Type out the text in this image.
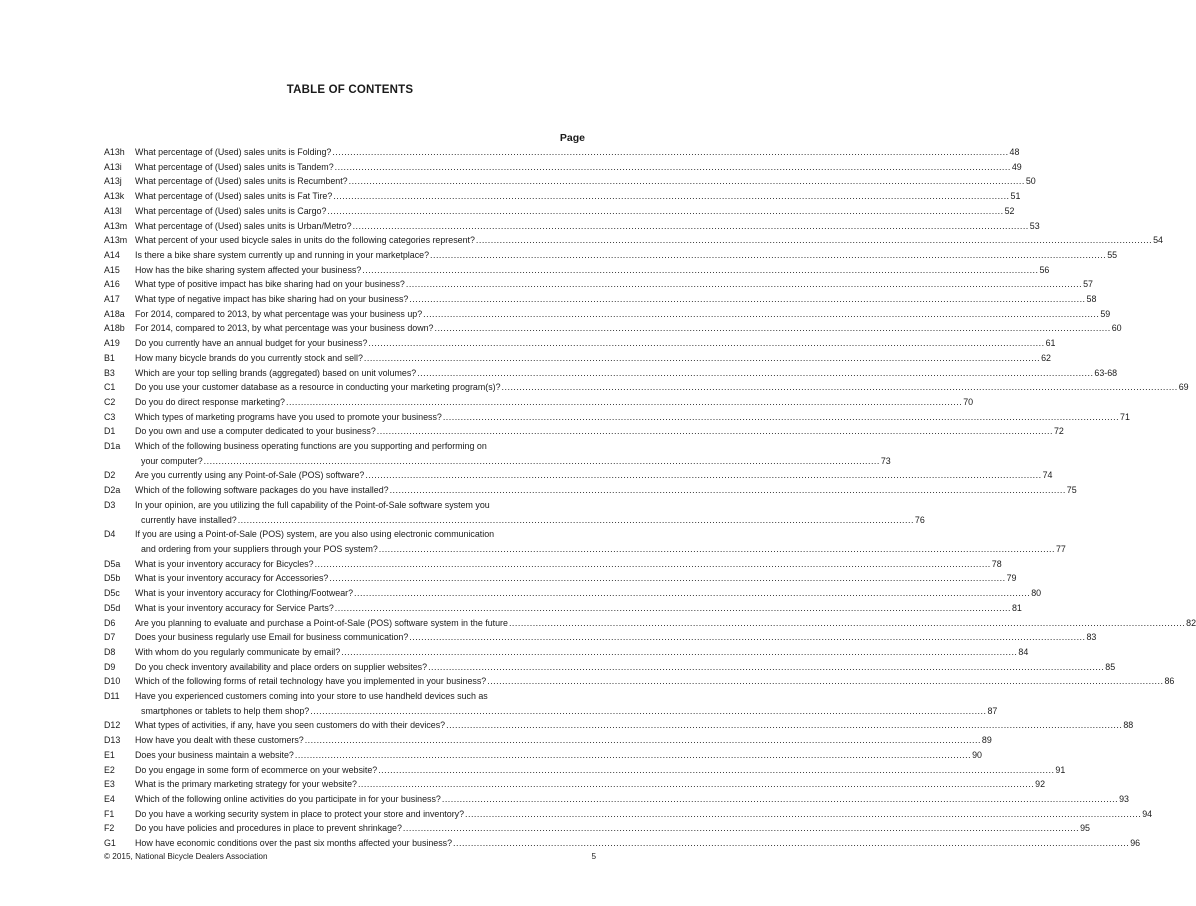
TABLE OF CONTENTS
Page
A13h	What percentage of (Used) sales units is Folding? .....	48
A13i	What percentage of (Used) sales units is Tandem? .....	49
A13j	What percentage of (Used) sales units is Recumbent? .....	50
A13k	What percentage of (Used) sales units is Fat Tire? .....	51
A13l	What percentage of (Used) sales units is Cargo? .....	52
A13m What percentage of (Used) sales units is Urban/Metro? .....	53
A13m What percent of your used bicycle sales in units do the following categories represent? .....	54
A14	Is there a bike share system currently up and running in your marketplace? .....	55
A15	How has the bike sharing system affected your business? .....	56
A16	What type of positive impact has bike sharing had on your business? .....	57
A17	What type of negative impact has bike sharing had on your business? .....	58
A18a	For 2014, compared to 2013, by what percentage was your business up? .....	59
A18b	For 2014, compared to 2013, by what percentage was your business down? .....	60
A19	Do you currently have an annual budget for your business? .....	61
B1	How many bicycle brands do you currently stock and sell? .....	62
B3	Which are your top selling brands (aggregated) based on unit volumes? .....	63-68
C1	Do you use your customer database as a resource in conducting your marketing program(s)? .....	69
C2	Do you do direct response marketing? .....	70
C3	Which types of marketing programs have you used to promote your business? .....	71
D1	Do you own and use a computer dedicated to your business? .....	72
D1a	Which of the following business operating functions are you supporting and performing on
your computer? .....	73
D2	Are you currently using any Point-of-Sale (POS) software? .....	74
D2a	Which of the following software packages do you have installed? .....	75
D3	In your opinion, are you utilizing the full capability of the Point-of-Sale software system you
currently have installed? .....	76
D4	If you are using a Point-of-Sale (POS) system, are you also using electronic communication
and ordering from your suppliers through your POS system? .....	77
D5a	What is your inventory accuracy for Bicycles? .....	78
D5b	What is your inventory accuracy for Accessories? .....	79
D5c	What is your inventory accuracy for Clothing/Footwear? .....	80
D5d	What is your inventory accuracy for Service Parts? .....	81
D6	Are you planning to evaluate and purchase a Point-of-Sale (POS) software system in the future .....	82
D7	Does your business regularly use Email for business communication? .....	83
D8	With whom do you regularly communicate by email? .....	84
D9	Do you check inventory availability and place orders on supplier websites? .....	85
D10	Which of the following forms of retail technology have you implemented in your business? .....	86
D11	Have you experienced customers coming into your store to use handheld devices such as
smartphones or tablets to help them shop? .....	87
D12	What types of activities, if any, have you seen customers do with their devices? .....	88
D13	How have you dealt with these customers? .....	89
E1	Does your business maintain a website? .....	90
E2	Do you engage in some form of ecommerce on your website? .....	91
E3	What is the primary marketing strategy for your website? .....	92
E4	Which of the following online activities do you participate in for your business? .....	93
F1	Do you have a working security system in place to protect your store and inventory? .....	94
F2	Do you have policies and procedures in place to prevent shrinkage? .....	95
G1	How have economic conditions over the past six months affected your business? .....	96
© 2015, National Bicycle Dealers Association	5
